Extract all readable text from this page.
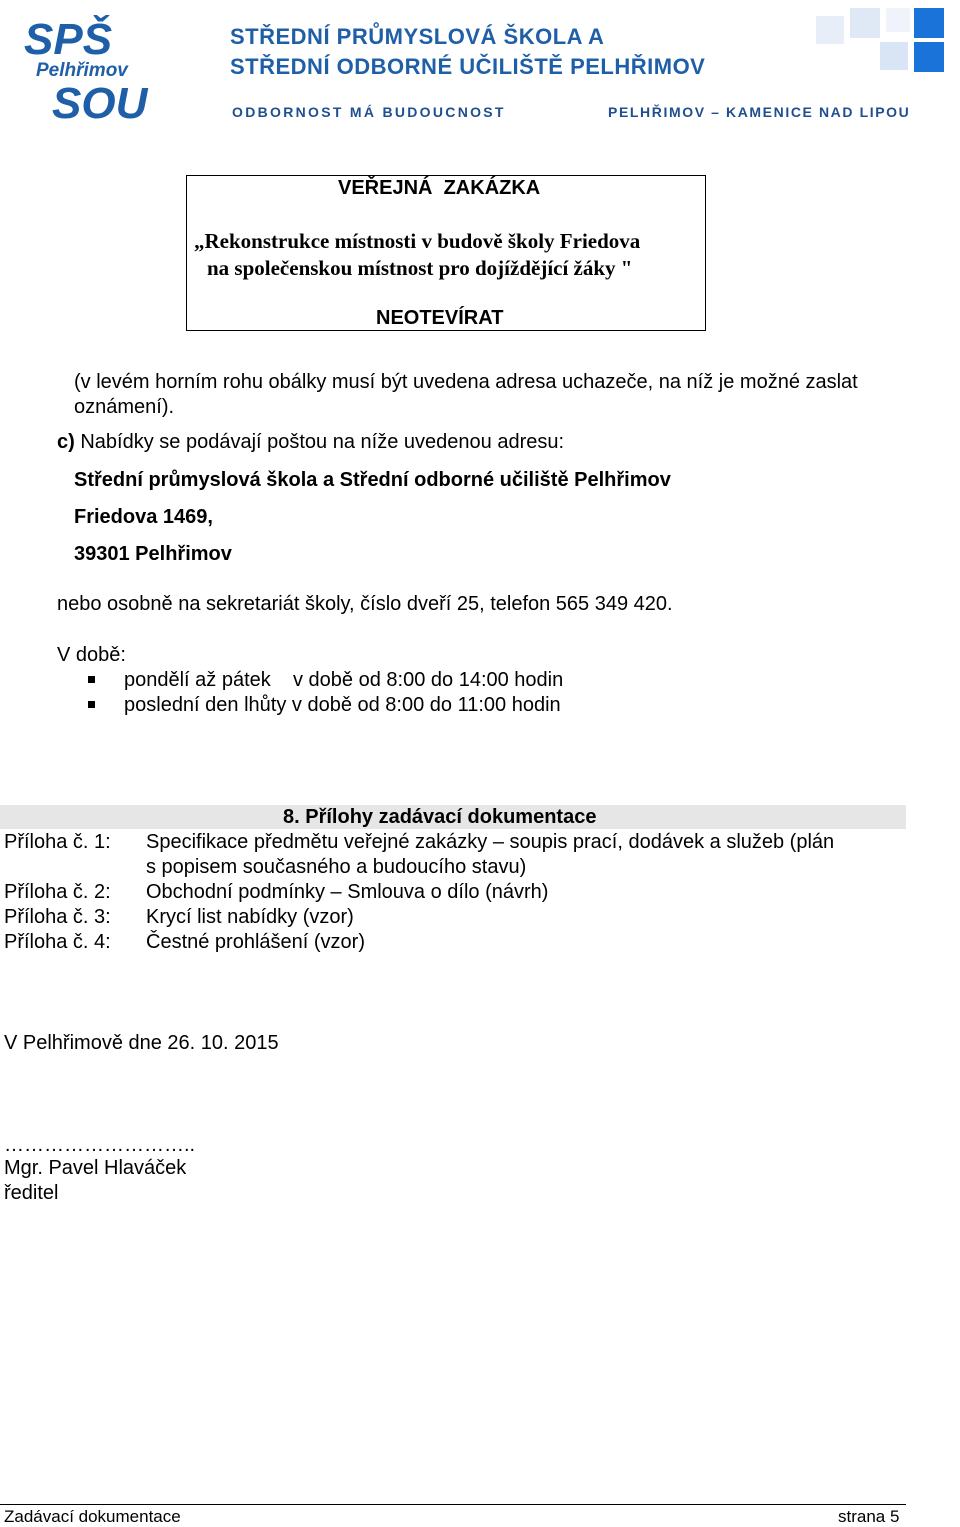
SPŠ
Pelhřimov
SOU
STŘEDNÍ PRŮMYSLOVÁ ŠKOLA A
STŘEDNÍ ODBORNÉ UČILIŠTĚ PELHŘIMOV
ODBORNOST MÁ BUDOUCNOST	PELHŘIMOV – KAMENICE NAD LIPOU
VEŘEJNÁ  ZAKÁZKA
„Rekonstrukce místnosti v budově školy Friedova
na společenskou místnost pro dojíždějící žáky "
NEOTEVÍRAT
(v levém horním rohu obálky musí být uvedena adresa uchazeče, na níž je možné zaslat
oznámení).
c) Nabídky se podávají poštou na níže uvedenou adresu:
Střední průmyslová škola a Střední odborné učiliště Pelhřimov
Friedova 1469,
39301 Pelhřimov
nebo osobně na sekretariát školy, číslo dveří 25, telefon 565 349 420.
V době:
pondělí až pátek    v době od 8:00 do 14:00 hodin
poslední den lhůty v době od 8:00 do 11:00 hodin
8. Přílohy zadávací dokumentace
Příloha č. 1: Specifikace předmětu veřejné zakázky – soupis prací, dodávek a služeb (plán
s popisem současného a budoucího stavu)
Příloha č. 2: Obchodní podmínky – Smlouva o dílo (návrh)
Příloha č. 3: Krycí list nabídky (vzor)
Příloha č. 4: Čestné prohlášení (vzor)
V Pelhřimově dne 26. 10. 2015
………………………..
Mgr. Pavel Hlaváček
ředitel
Zadávací dokumentace	strana 5
